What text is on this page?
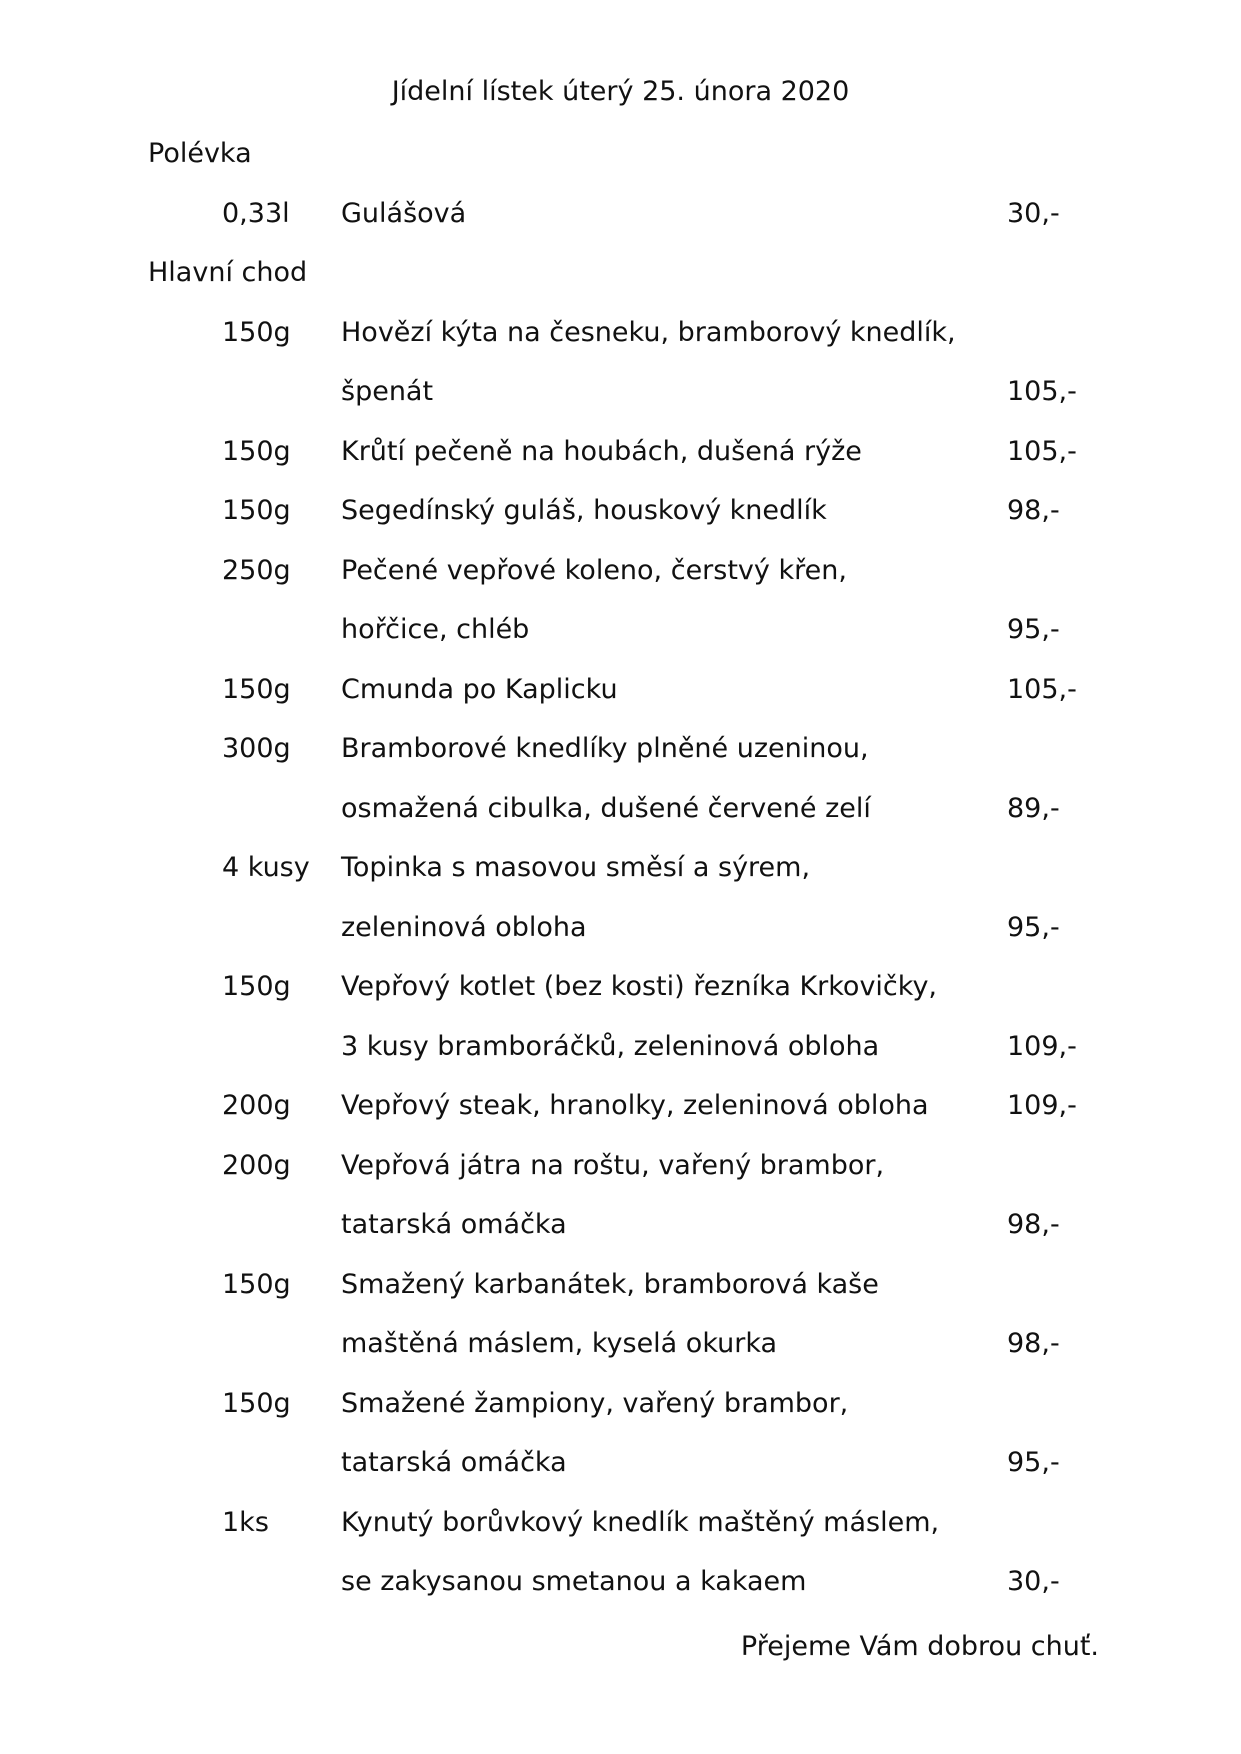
Jídelní lístek úterý 25. února 2020
Polévka
0,33l Gulášová	30,-
Hlavní chod
150g Hovězí kýta na česneku, bramborový knedlík,
špenát	105,-
150g Krůtí pečeně na houbách, dušená rýže	105,-
150g Segedínský guláš, houskový knedlík	98,-
250g Pečené vepřové koleno, čerstvý křen,
hořčice, chléb	95,-
150g Cmunda po Kaplicku	105,-
300g Bramborové knedlíky plněné uzeninou,
osmažená cibulka, dušené červené zelí	89,-
4 kusy Topinka s masovou směsí a sýrem,
zeleninová obloha	95,-
150g Vepřový kotlet (bez kosti) řezníka Krkovičky,
3 kusy bramboráčků, zeleninová obloha	109,-
200g Vepřový steak, hranolky, zeleninová obloha	109,-
200g Vepřová játra na roštu, vařený brambor,
tatarská omáčka	98,-
150g Smažený karbanátek, bramborová kaše
maštěná máslem, kyselá okurka	98,-
150g Smažené žampiony, vařený brambor,
tatarská omáčka	95,-
1ks	Kynutý borůvkový knedlík maštěný máslem,
se zakysanou smetanou a kakaem	30,-
Přejeme Vám dobrou chuť.
